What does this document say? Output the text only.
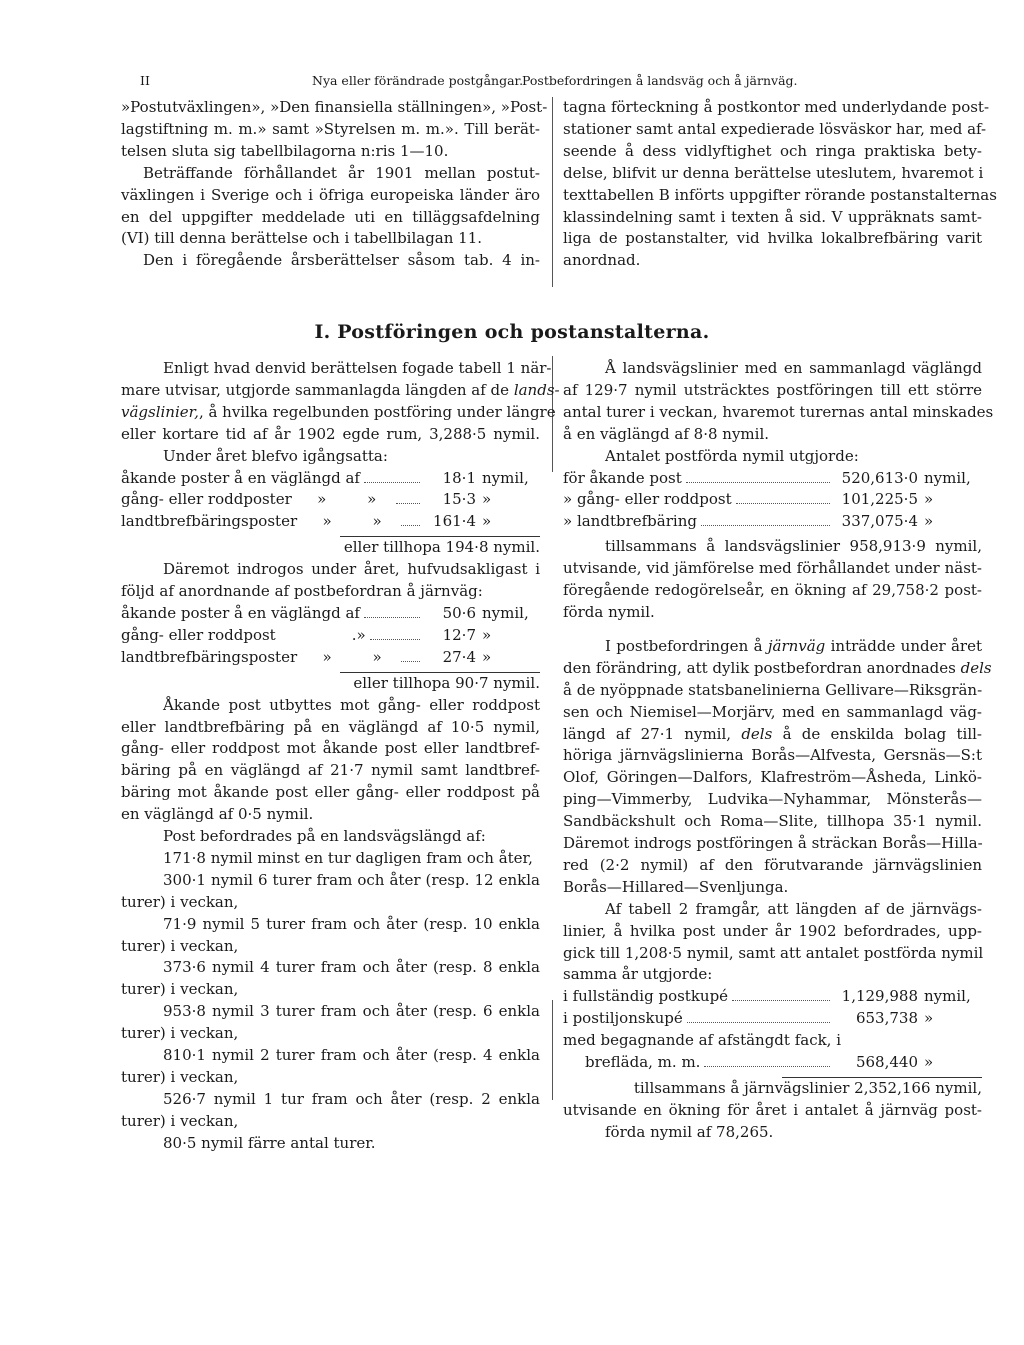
II	Nya eller förändrade postgångar.
Postbefordringen å landsväg och å järnväg.
»Postutväxlingen», »Den finansiella ställningen», »Post-
lagstiftning m. m.» samt »Styrelsen m. m.». Till berät-
telsen sluta sig tabellbilagorna n:ris 1—10.
Beträffande förhållandet år 1901 mellan postut-
växlingen i Sverige och i öfriga europeiska länder äro
en del uppgifter meddelade uti en tilläggsafdelning
(VI) till denna berättelse och i tabellbilagan 11.
Den i föregående årsberättelser såsom tab. 4 in-
tagna förteckning å postkontor med underlydande post-
stationer samt antal expedierade lösväskor har, med af-
seende å dess vidlyftighet och ringa praktiska bety-
delse, blifvit ur denna berättelse uteslutem, hvaremot i
texttabellen B införts uppgifter rörande postanstalternas
klassindelning samt i texten å sid. V uppräknats samt-
liga de postanstalter, vid hvilka lokalbrefbäring varit
anordnad.
I. Postföringen och postanstalterna.
Enligt hvad denvid berättelsen fogade tabell 1 när-
mare utvisar, utgjorde sammanlagda längden af de lands-
vägslinier,, å hvilka regelbunden postföring under längre
eller kortare tid af år 1902 egde rum, 3,288·5 nymil.
Under året blefvo igångsatta:
åkande poster å en väglängd af	18·1 nymil,
gång- eller roddposter	»	»	15·3 »
landtbrefbäringsposter	»	»	161·4 »
eller tillhopa 194·8 nymil.
Däremot indrogos under året, hufvudsakligast i
följd af anordnande af postbefordran å järnväg:
åkande poster å en väglängd af	50·6 nymil,
gång- eller roddpost	.»	12·7 »
landtbrefbäringsposter	»	»	27·4 »
eller tillhopa 90·7 nymil.
Åkande post utbyttes mot gång- eller roddpost
eller landtbrefbäring på en väglängd af 10·5 nymil,
gång- eller roddpost mot åkande post eller landtbref-
bäring på en väglängd af 21·7 nymil samt landtbref-
bäring mot åkande post eller gång- eller roddpost på
en väglängd af 0·5 nymil.
Post befordrades på en landsvägslängd af:
171·8 nymil minst en tur dagligen fram och åter,
300·1 nymil 6 turer fram och åter (resp. 12 enkla
turer) i veckan,
71·9 nymil 5 turer fram och åter (resp. 10 enkla
turer) i veckan,
373·6 nymil 4 turer fram och åter (resp. 8 enkla
turer) i veckan,
953·8 nymil 3 turer fram och åter (resp. 6 enkla
turer) i veckan,
810·1 nymil 2 turer fram och åter (resp. 4 enkla
turer) i veckan,
526·7 nymil 1 tur fram och åter (resp. 2 enkla
turer) i veckan,
80·5 nymil färre antal turer.
Å landsvägslinier med en sammanlagd väglängd
af 129·7 nymil utsträcktes postföringen till ett större
antal turer i veckan, hvaremot turernas antal minskades
å en väglängd af 8·8 nymil.
Antalet postförda nymil utgjorde:
för åkande post	520,613·0 nymil,
» gång- eller roddpost	101,225·5 »
» landtbrefbäring	337,075·4 »
tillsammans å landsvägslinier 958,913·9 nymil,
utvisande, vid jämförelse med förhållandet under näst-
föregående redogörelseår, en ökning af 29,758·2 post-
förda nymil.
I postbefordringen å järnväg inträdde under året
den förändring, att dylik postbefordran anordnades dels
å de nyöppnade statsbanelinierna Gellivare—Riksgrän-
sen och Niemisel—Morjärv, med en sammanlagd väg-
längd af 27·1 nymil, dels å de enskilda bolag till-
höriga järnvägslinierna Borås—Alfvesta, Gersnäs—S:t
Olof, Göringen—Dalfors, Klafreström—Åsheda, Linkö-
ping—Vimmerby, Ludvika—Nyhammar, Mönsterås—
Sandbäckshult och Roma—Slite, tillhopa 35·1 nymil.
Däremot indrogs postföringen å sträckan Borås—Hilla-
red (2·2 nymil) af den förutvarande järnvägslinien
Borås—Hillared—Svenljunga.
Af tabell 2 framgår, att längden af de järnvägs-
linier, å hvilka post under år 1902 befordrades, upp-
gick till 1,208·5 nymil, samt att antalet postförda nymil
samma år utgjorde:
i fullständig postkupé	1,129,988 nymil,
i postiljonskupé	653,738 »
med begagnande af afstängdt fack, i
brefläda, m. m.	568,440 »
tillsammans å järnvägslinier 2,352,166 nymil,
utvisande en ökning för året i antalet å järnväg post-
förda nymil af 78,265.
